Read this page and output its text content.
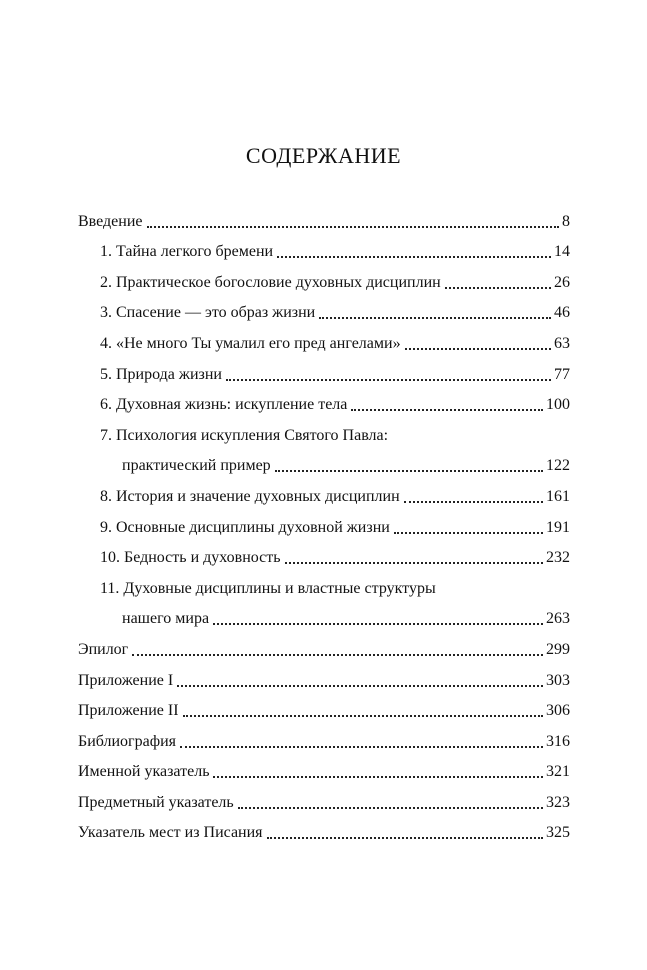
СОДЕРЖАНИЕ
Введение	8
1. Тайна легкого бремени	14
2. Практическое богословие духовных дисциплин	26
3. Спасение — это образ жизни	46
4. «Не много Ты умалил его пред ангелами»	63
5. Природа жизни	77
6. Духовная жизнь: искупление тела	100
7. Психология искупления Святого Павла:
практический пример	122
8. История и значение духовных дисциплин	161
9. Основные дисциплины духовной жизни	191
10. Бедность и духовность	232
11. Духовные дисциплины и властные структуры
нашего мира	263
Эпилог	299
Приложение I	303
Приложение II	306
Библиография	316
Именной указатель	321
Предметный указатель	323
Указатель мест из Писания	325
